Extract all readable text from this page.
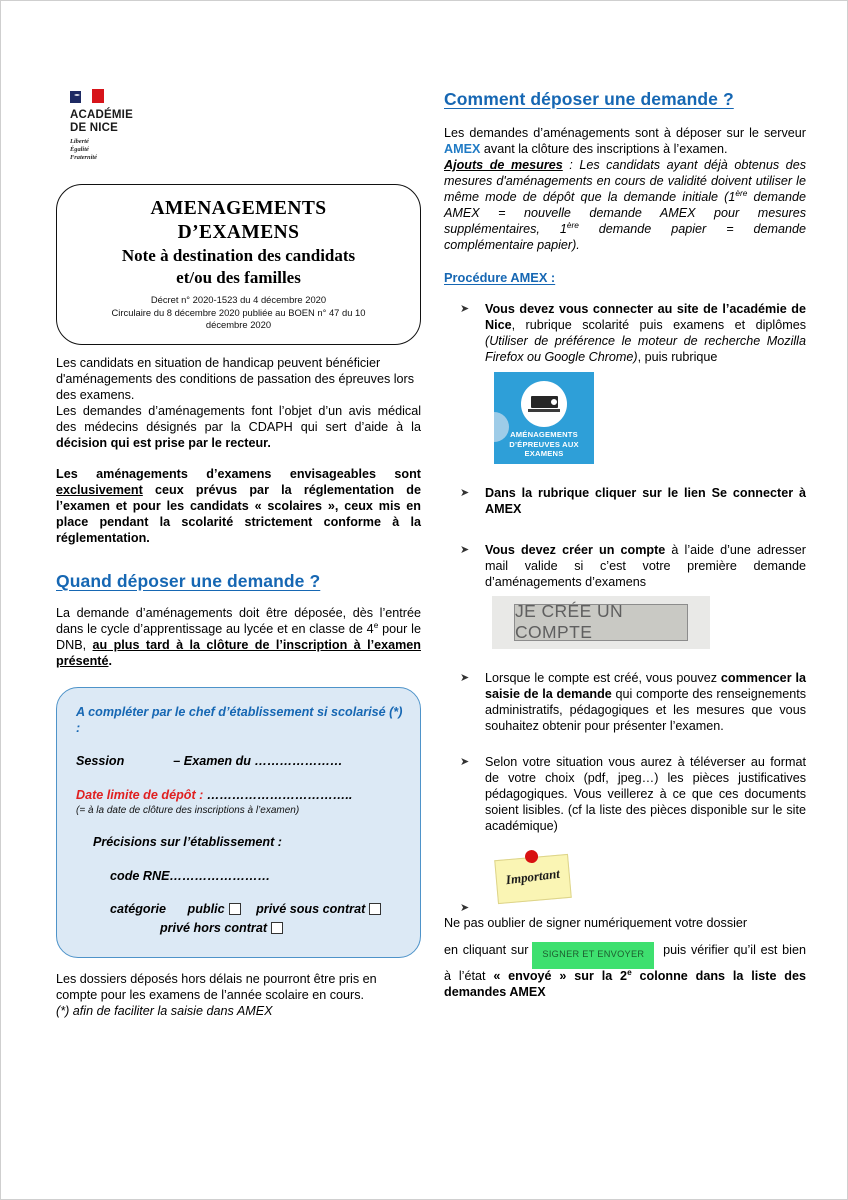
ACADÉMIE
DE NICE
Liberté
Égalité
Fraternité
AMENAGEMENTS
D’EXAMENS
Note à destination des candidats
et/ou des familles
Décret n° 2020-1523 du 4 décembre 2020
Circulaire du 8 décembre 2020 publiée au BOEN n° 47 du 10
décembre 2020

Les candidats en situation de handicap peuvent bénéficier d'aménagements des conditions de passation des épreuves lors des examens.

Les demandes d’aménagements font l’objet d’un avis médical des médecins désignés par la CDAPH qui sert d’aide à la décision qui est prise par le recteur.

Les aménagements d’examens envisageables sont exclusivement ceux prévus par la réglementation de l’examen et pour les candidats « scolaires », ceux mis en place pendant la scolarité strictement conforme à la réglementation.

Quand déposer une demande ?

La demande d’aménagements doit être déposée, dès l’entrée dans le cycle d’apprentissage au lycée et en classe de 4e pour le DNB, au plus tard à la clôture de l’inscription à l’examen présenté.

A compléter par le chef d’établissement si scolarisé (*) :
Session	– Examen du …………………
Date limite de dépôt : ……………………………..
(= à la date de clôture des inscriptions à l’examen)
Précisions sur l’établissement :
code RNE……………………
catégorie public	privé sous contrat
privé hors contrat

Les dossiers déposés hors délais ne pourront être pris en compte pour les examens de l’année scolaire en cours.

(*) afin de faciliter la saisie dans AMEX

Comment déposer une demande ?

Les demandes d’aménagements sont à déposer sur le serveur AMEX avant la clôture des inscriptions à l’examen.

Ajouts de mesures : Les candidats ayant déjà obtenus des mesures d'aménagements en cours de validité doivent utiliser le même mode de dépôt que la demande initiale (1ère demande AMEX = nouvelle demande AMEX pour mesures supplémentaires, 1ère demande papier = demande complémentaire papier).

Procédure AMEX :
➤ Vous devez vous connecter au site de l’académie de Nice, rubrique scolarité puis examens et diplômes (Utiliser de préférence le moteur de recherche Mozilla Firefox ou Google Chrome), puis rubrique
AMÉNAGEMENTS
D’ÉPREUVES AUX
EXAMENS
➤ Dans la rubrique cliquer sur le lien Se connecter à AMEX
➤ Vous devez créer un compte à l’aide d’une adresser mail valide si c’est votre première demande d’aménagements d’examens
JE CRÉE UN COMPTE
➤ Lorsque le compte est créé, vous pouvez commencer la saisie de la demande qui comporte des renseignements administratifs, pédagogiques et les mesures que vous souhaitez obtenir pour présenter l’examen.
➤ Selon votre situation vous aurez à téléverser au format de votre choix (pdf, jpeg…) les pièces justificatives pédagogiques. Vous veillerez à ce que ces documents soient lisibles. (cf la liste des pièces disponible sur le site académique)
Important
➤

Ne pas oublier de signer numériquement votre dossier

en cliquant sur SIGNER ET ENVOYER puis vérifier qu’il est bien à l’état « envoyé » sur la 2e colonne dans la liste des demandes AMEX
